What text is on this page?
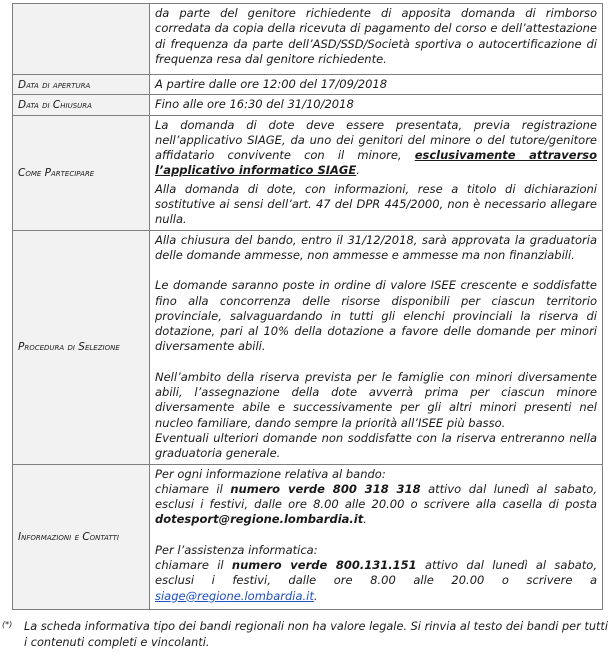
	da parte del genitore richiedente di apposita domanda di rimborso corredata da copia della ricevuta di pagamento del corso e dell’attestazione di frequenza da parte dell’ASD/SSD/Società sportiva o autocertificazione di frequenza resa dal genitore richiedente.

Data di apertura	A partire dalle ore 12:00 del 17/09/2018
Data di Chiusura	Fino alle ore 16:30 del 31/10/2018
Come Partecipare	La domanda di dote deve essere presentata, previa registrazione nell’applicativo SIAGE, da uno dei genitori del minore o del tutore/genitore affidatario convivente con il minore, esclusivamente attraverso l’applicativo informatico SIAGE.

Alla domanda di dote, con informazioni, rese a titolo di dichiarazioni sostitutive ai sensi dell’art. 47 del DPR 445/2000, non è necessario allegare nulla.

Procedura di Selezione	Alla chiusura del bando, entro il 31/12/2018, sarà approvata la graduatoria delle domande ammesse, non ammesse e ammesse ma non finanziabili.

Le domande saranno poste in ordine di valore ISEE crescente e soddisfatte fino alla concorrenza delle risorse disponibili per ciascun territorio provinciale, salvaguardando in tutti gli elenchi provinciali la riserva di dotazione, pari al 10% della dotazione a favore delle domande per minori diversamente abili.

Nell’ambito della riserva prevista per le famiglie con minori diversamente abili, l’assegnazione della dote avverrà prima per ciascun minore diversamente abile e successivamente per gli altri minori presenti nel nucleo familiare, dando sempre la priorità all’ISEE più basso.

Eventuali ulteriori domande non soddisfatte con la riserva entreranno nella graduatoria generale.

Informazioni e Contatti	Per ogni informazione relativa al bando:

chiamare il numero verde 800 318 318 attivo dal lunedì al sabato, esclusi i festivi, dalle ore 8.00 alle 20.00 o scrivere alla casella di posta dotesport@regione.lombardia.it.

Per l’assistenza informatica:

chiamare il numero verde 800.131.151 attivo dal lunedì al sabato, esclusi i festivi, dalle ore 8.00 alle 20.00 o scrivere a siage@regione.lombardia.it.

(*) La scheda informativa tipo dei bandi regionali non ha valore legale. Si rinvia al testo dei bandi per tutti i contenuti completi e vincolanti.
